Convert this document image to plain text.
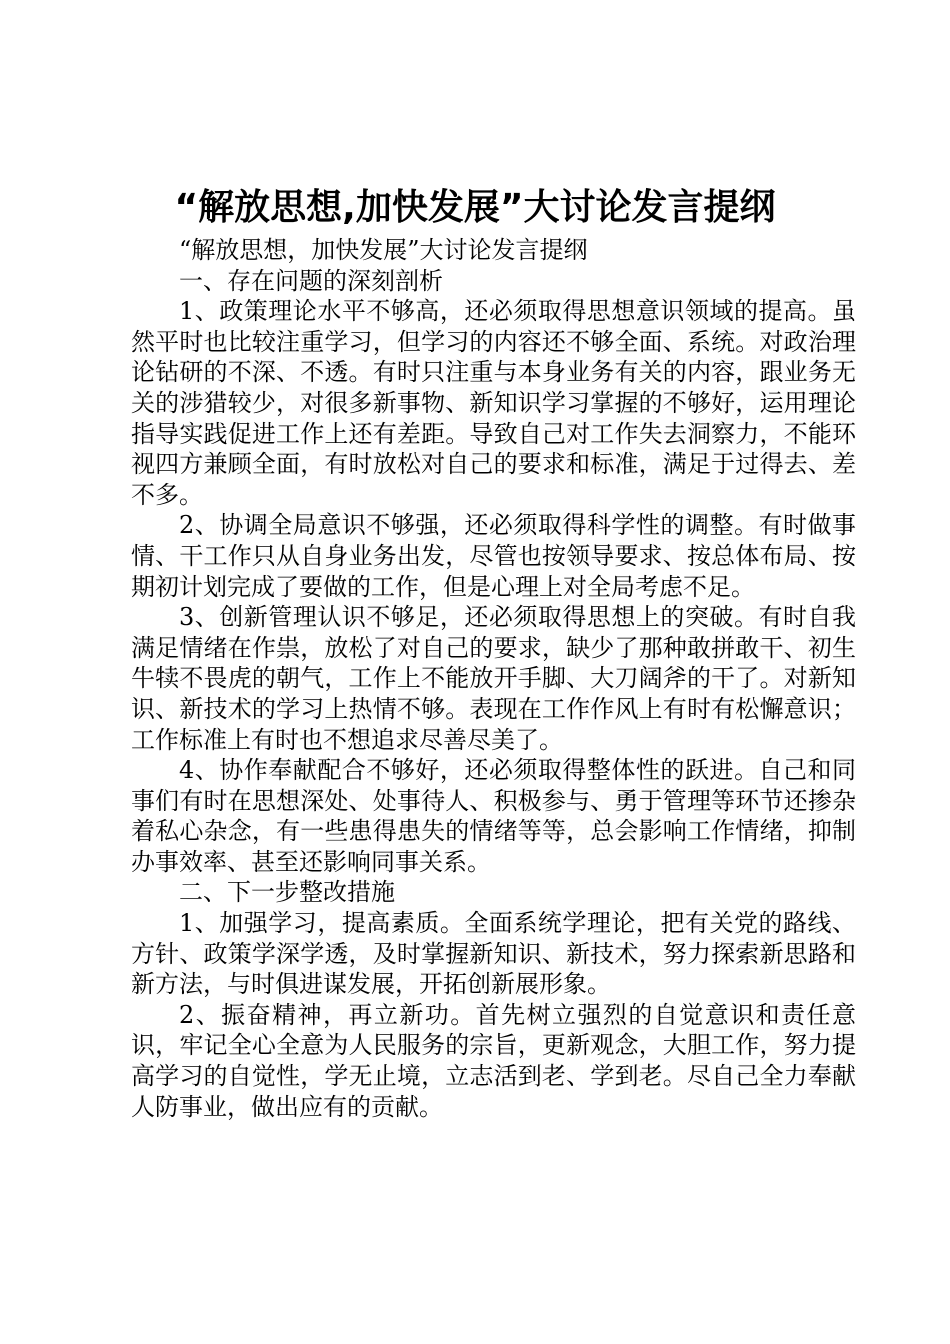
“解放思想,加快发展”大讨论发言提纲

“解放思想，加快发展”大讨论发言提纲

一、存在问题的深刻剖析

1、政策理论水平不够高，还必须取得思想意识领域的提高。虽然平时也比较注重学习，但学习的内容还不够全面、系统。对政治理论钻研的不深、不透。有时只注重与本身业务有关的内容，跟业务无关的涉猎较少，对很多新事物、新知识学习掌握的不够好，运用理论指导实践促进工作上还有差距。导致自己对工作失去洞察力，不能环视四方兼顾全面，有时放松对自己的要求和标准，满足于过得去、差不多。

2、协调全局意识不够强，还必须取得科学性的调整。有时做事情、干工作只从自身业务出发，尽管也按领导要求、按总体布局、按期初计划完成了要做的工作，但是心理上对全局考虑不足。

3、创新管理认识不够足，还必须取得思想上的突破。有时自我满足情绪在作祟，放松了对自己的要求，缺少了那种敢拼敢干、初生牛犊不畏虎的朝气，工作上不能放开手脚、大刀阔斧的干了。对新知识、新技术的学习上热情不够。表现在工作作风上有时有松懈意识；工作标准上有时也不想追求尽善尽美了。

4、协作奉献配合不够好，还必须取得整体性的跃进。自己和同事们有时在思想深处、处事待人、积极参与、勇于管理等环节还掺杂着私心杂念，有一些患得患失的情绪等等，总会影响工作情绪，抑制办事效率、甚至还影响同事关系。

二、下一步整改措施

1、加强学习，提高素质。全面系统学理论，把有关党的路线、方针、政策学深学透，及时掌握新知识、新技术，努力探索新思路和新方法，与时俱进谋发展，开拓创新展形象。

2、振奋精神，再立新功。首先树立强烈的自觉意识和责任意识，牢记全心全意为人民服务的宗旨，更新观念，大胆工作，努力提高学习的自觉性，学无止境，立志活到老、学到老。尽自己全力奉献人防事业，做出应有的贡献。
